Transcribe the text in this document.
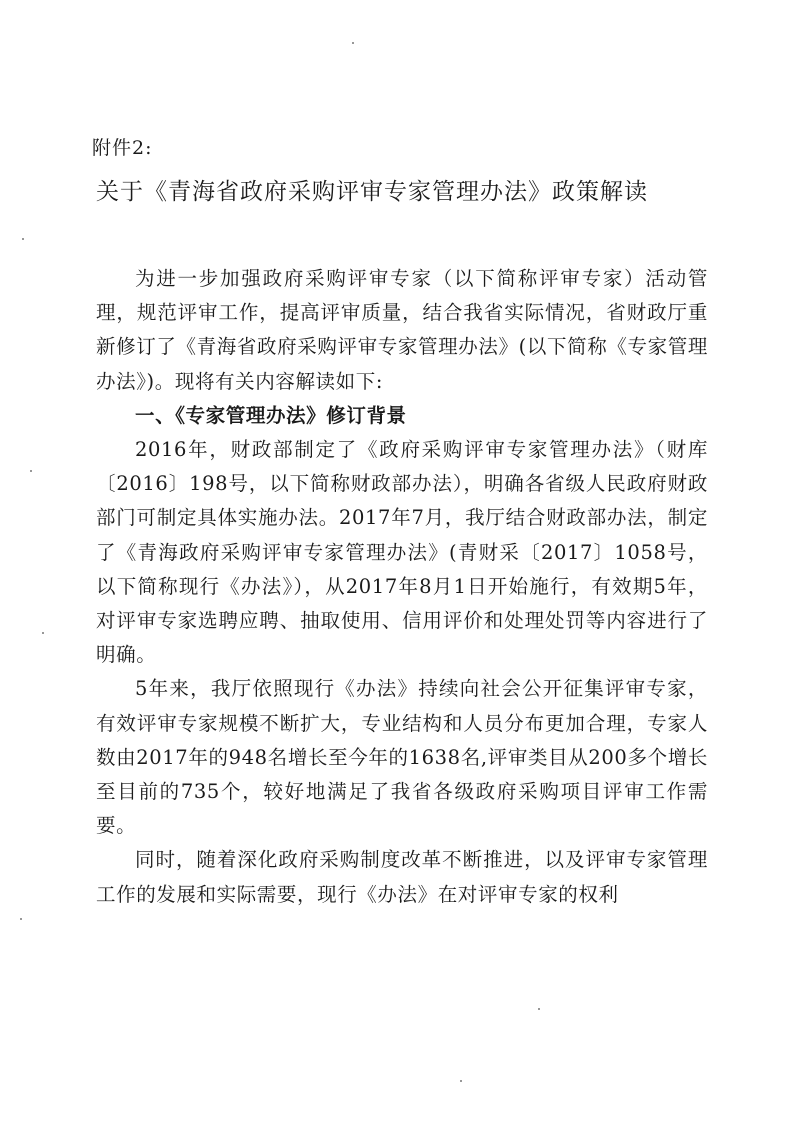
附件2:
关于《青海省政府采购评审专家管理办法》政策解读

为进一步加强政府采购评审专家（以下简称评审专家）活动管理，规范评审工作，提高评审质量，结合我省实际情况，省财政厅重新修订了《青海省政府采购评审专家管理办法》(以下简称《专家管理办法》)。现将有关内容解读如下:

一、《专家管理办法》修订背景

2016年，财政部制定了《政府采购评审专家管理办法》（财库〔2016〕198号，以下简称财政部办法），明确各省级人民政府财政部门可制定具体实施办法。2017年7月，我厅结合财政部办法，制定了《青海政府采购评审专家管理办法》(青财采〔2017〕1058号，以下简称现行《办法》），从2017年8月1日开始施行，有效期5年，对评审专家选聘应聘、抽取使用、信用评价和处理处罚等内容进行了明确。

5年来，我厅依照现行《办法》持续向社会公开征集评审专家，有效评审专家规模不断扩大，专业结构和人员分布更加合理，专家人数由2017年的948名增长至今年的1638名,评审类目从200多个增长至目前的735个，较好地满足了我省各级政府采购项目评审工作需要。

同时，随着深化政府采购制度改革不断推进，以及评审专家管理工作的发展和实际需要，现行《办法》在对评审专家的权利
